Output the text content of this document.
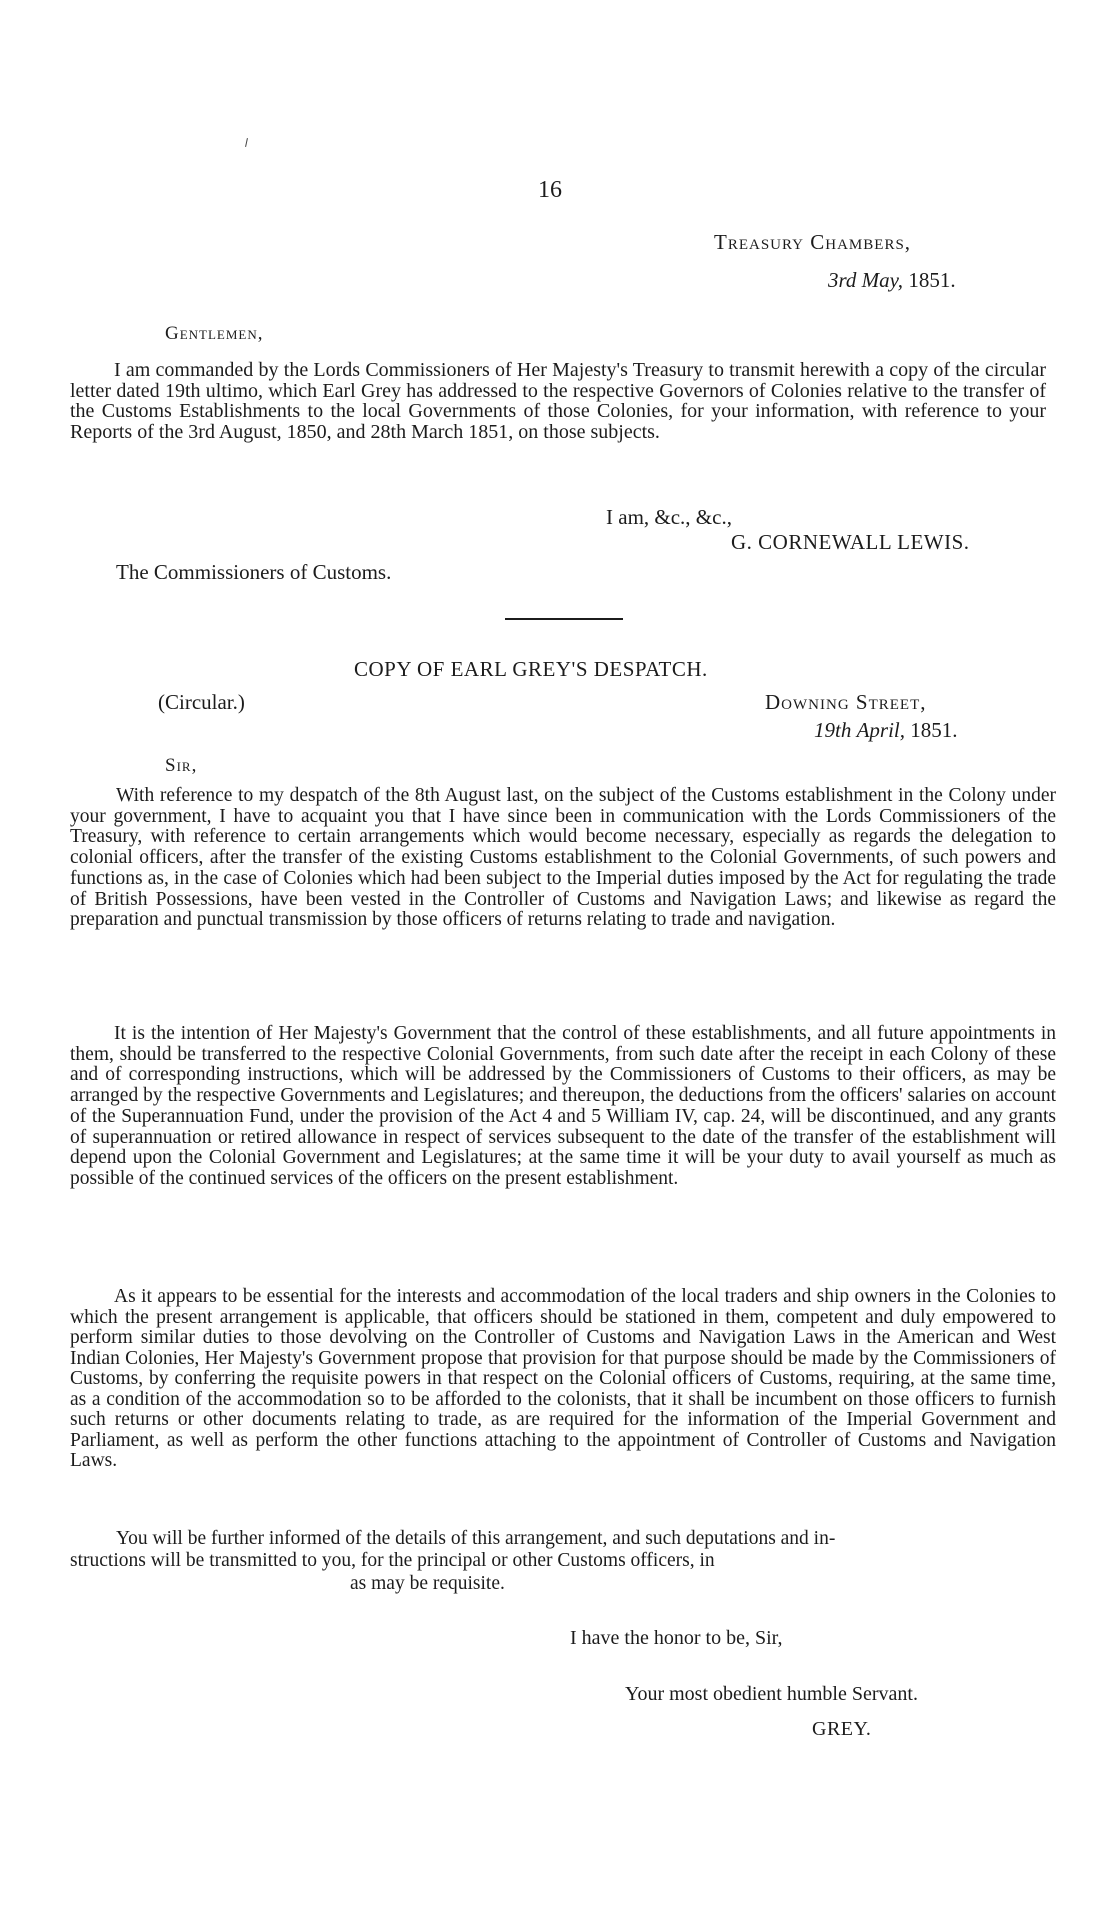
16
Treasury Chambers,
3rd May, 1851.
Gentlemen,
I am commanded by the Lords Commissioners of Her Majesty's Treasury to transmit herewith a copy of the circular letter dated 19th ultimo, which Earl Grey has addressed to the respective Governors of Colonies relative to the transfer of the Customs Establishments to the local Governments of those Colonies, for your information, with reference to your Reports of the 3rd August, 1850, and 28th March 1851, on those subjects.
I am, &c., &c.,
G. CORNEWALL LEWIS.
The Commissioners of Customs.
COPY OF EARL GREY'S DESPATCH.
(Circular.)	Downing Street,
19th April, 1851.
Sir,
With reference to my despatch of the 8th August last, on the subject of the Customs establishment in the Colony under your government, I have to acquaint you that I have since been in communication with the Lords Commissioners of the Treasury, with reference to certain arrangements which would become necessary, especially as regards the delegation to colonial officers, after the transfer of the existing Customs establishment to the Colonial Governments, of such powers and functions as, in the case of Colonies which had been subject to the Imperial duties imposed by the Act for regulating the trade of British Possessions, have been vested in the Controller of Customs and Navigation Laws; and likewise as regard the preparation and punctual transmission by those officers of returns relating to trade and navigation.
It is the intention of Her Majesty's Government that the control of these establishments, and all future appointments in them, should be transferred to the respective Colonial Governments, from such date after the receipt in each Colony of these and of corresponding instructions, which will be addressed by the Commissioners of Customs to their officers, as may be arranged by the respective Governments and Legislatures; and thereupon, the deductions from the officers' salaries on account of the Superannuation Fund, under the provision of the Act 4 and 5 William IV, cap. 24, will be discontinued, and any grants of superannuation or retired allowance in respect of services subsequent to the date of the transfer of the establishment will depend upon the Colonial Government and Legislatures; at the same time it will be your duty to avail yourself as much as possible of the continued services of the officers on the present establishment.
As it appears to be essential for the interests and accommodation of the local traders and ship owners in the Colonies to which the present arrangement is applicable, that officers should be stationed in them, competent and duly empowered to perform similar duties to those devolving on the Controller of Customs and Navigation Laws in the American and West Indian Colonies, Her Majesty's Government propose that provision for that purpose should be made by the Commissioners of Customs, by conferring the requisite powers in that respect on the Colonial officers of Customs, requiring, at the same time, as a condition of the accommodation so to be afforded to the colonists, that it shall be incumbent on those officers to furnish such returns or other documents relating to trade, as are required for the information of the Imperial Government and Parliament, as well as perform the other functions attaching to the appointment of Controller of Customs and Navigation Laws.
You will be further informed of the details of this arrangement, and such deputations and in-
structions will be transmitted to you, for the principal or other Customs officers, in
as may be requisite.
I have the honor to be, Sir,
Your most obedient humble Servant.
GREY.
